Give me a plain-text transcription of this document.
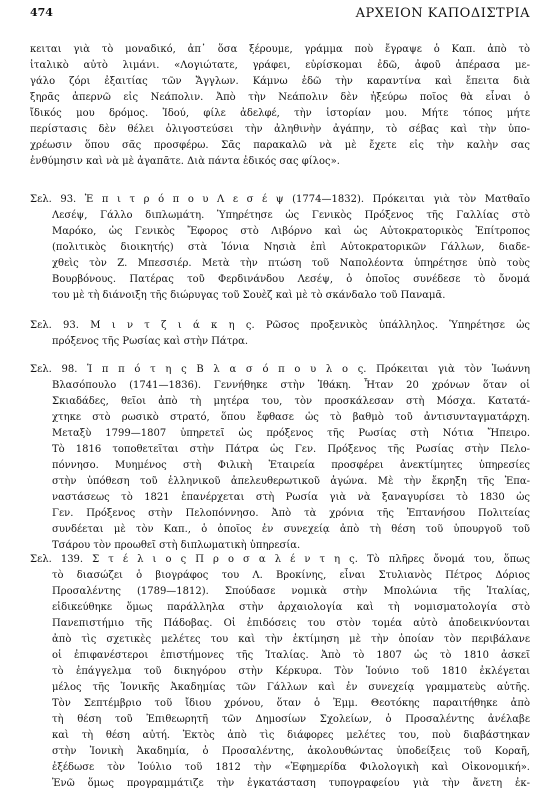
474	ΑΡΧΕΙΟΝ ΚΑΠΟΔΙΣΤΡΙΑ
κειται γιὰ τὸ μοναδικό, ἀπ᾿ ὅσα ξέρουμε, γράμμα ποὺ ἔγραψε ὁ Καπ. ἀπὸ τὸ
ἰταλικὸ αὐτὸ λιμάνι. «Λογιώτατε, γράφει, εὑρίσκομαι ἐδῶ, ἀφοῦ ἀπέρασα με-
γάλο ζόρι ἐξαιτίας τῶν Ἄγγλων. Κάμνω ἐδῶ τὴν καραντίνα καὶ ἔπειτα διὰ
ξηρᾶς ἀπερνῶ εἰς Νεάπολιν. Ἀπὸ τὴν Νεάπολιν δὲν ἠξεύρω ποῖος θὰ εἶναι ὁ
ἴδικός μου δρόμος. Ἰδού, φίλε ἀδελφέ, τὴν ἱστορίαν μου. Μήτε τόπος μήτε
περίστασις δὲν θέλει ὀλιγοστεύσει τὴν ἀληθινὴν ἀγάπην, τὸ σέβας καὶ τὴν ὑπο-
χρέωσιν ὅπου σᾶς προσφέρω. Σᾶς παρακαλῶ νὰ μὲ ἔχετε εἰς τὴν καλὴν σας
ἐνθύμησιν καὶ νὰ μὲ ἀγαπᾶτε. Διὰ πάντα ἐδικός σας φίλος».
Σελ. 93. Ἐ π ι τ ρ ό π ο υ Λ ε σ έ ψ (1774—1832). Πρόκειται γιὰ τὸν Ματθαῖο
Λεσέψ, Γάλλο διπλωμάτη. Ὑπηρέτησε ὡς Γενικὸς Πρόξενος τῆς Γαλλίας στὸ
Μαρόκο, ὡς Γενικὸς Ἔφορος στὸ Λιβόρνο καὶ ὡς Αὐτοκρατορικὸς Ἐπίτροπος
(πολιτικὸς διοικητής) στὰ Ἰόνια Νησιὰ ἐπὶ Αὐτοκρατορικῶν Γάλλων, διαδε-
χθεὶς τὸν Ζ. Μπεσσιέρ. Μετὰ τὴν πτώση τοῦ Ναπολέοντα ὑπηρέτησε ὑπὸ τοὺς
Βουρβόνους. Πατέρας τοῦ Φερδινάνδου Λεσέψ, ὁ ὁποῖος συνέδεσε τὸ ὄνομά
του μὲ τὴ διάνοιξη τῆς διώρυγας τοῦ Σουὲζ καὶ μὲ τὸ σκάνδαλο τοῦ Παναμᾶ.
Σελ. 93. Μ ι ν τ ζ ι ά κ η ς. Ρῶσος προξενικὸς ὑπάλληλος. Ὑπηρέτησε ὡς
πρόξενος τῆς Ρωσίας καὶ στὴν Πάτρα.
Σελ. 98. Ἱ π π ό τ η ς Β λ α σ ό π ο υ λ ο ς. Πρόκειται γιὰ τὸν Ἰωάννη
Βλασόπουλο (1741—1836). Γεννήθηκε στὴν Ἰθάκη. Ἦταν 20 χρόνων ὅταν οἱ
Σκιαδάδες, θεῖοι ἀπὸ τὴ μητέρα του, τὸν προσκάλεσαν στὴ Μόσχα. Κατατά-
χτηκε στὸ ρωσικὸ στρατό, ὅπου ἔφθασε ὡς τὸ βαθμὸ τοῦ ἀντισυνταγματάρχη.
Μεταξὺ 1799—1807 ὑπηρετεῖ ὡς πρόξενος τῆς Ρωσίας στὴ Νότια Ἤπειρο.
Τὸ 1816 τοποθετεῖται στὴν Πάτρα ὡς Γεν. Πρόξενος τῆς Ρωσίας στὴν Πελο-
πόννησο. Μυημένος στὴ Φιλικὴ Ἑταιρεία προσφέρει ἀνεκτίμητες ὑπηρεσίες
στὴν ὑπόθεση τοῦ ἑλληνικοῦ ἀπελευθερωτικοῦ ἀγώνα. Μὲ τὴν ἔκρηξη τῆς Ἐπα-
ναστάσεως τὸ 1821 ἐπανέρχεται στὴ Ρωσία γιὰ νὰ ξαναγυρίσει τὸ 1830 ὡς
Γεν. Πρόξενος στὴν Πελοπόννησο. Ἀπὸ τὰ χρόνια τῆς Ἑπτανήσου Πολιτείας
συνδέεται μὲ τὸν Καπ., ὁ ὁποῖος ἐν συνεχείᾳ ἀπὸ τὴ θέση τοῦ ὑπουργοῦ τοῦ
Τσάρου τὸν προωθεῖ στὴ διπλωματικὴ ὑπηρεσία.
Σελ. 139. Σ τ έ λ ι ο ς Π ρ ο σ α λ έ ν τ η ς. Τὸ πλῆρες ὄνομά του, ὅπως
τὸ διασώζει ὁ βιογράφος του Λ. Βροκίνης, εἶναι Στυλιανὸς Πέτρος Δόριος
Προσαλέντης (1789—1812). Σπούδασε νομικὰ στὴν Μπολώνια τῆς Ἰταλίας,
εἰδικεύθηκε ὅμως παράλληλα στὴν ἀρχαιολογία καὶ τὴ νομισματολογία στὸ
Πανεπιστήμιο τῆς Πάδοβας. Οἱ ἐπιδόσεις του στὸν τομέα αὐτὸ ἀποδεικνύονται
ἀπὸ τὶς σχετικὲς μελέτες του καὶ τὴν ἐκτίμηση μὲ τὴν ὁποίαν τὸν περιβάλανε
οἱ ἐπιφανέστεροι ἐπιστήμονες τῆς Ἰταλίας. Ἀπὸ τὸ 1807 ὡς τὸ 1810 ἀσκεῖ
τὸ ἐπάγγελμα τοῦ δικηγόρου στὴν Κέρκυρα. Τὸν Ἰούνιο τοῦ 1810 ἐκλέγεται
μέλος τῆς Ἰονικῆς Ἀκαδημίας τῶν Γάλλων καὶ ἐν συνεχείᾳ γραμματεὺς αὐτῆς.
Τὸν Σεπτέμβριο τοῦ ἴδιου χρόνου, ὅταν ὁ Ἐμμ. Θεοτόκης παραιτήθηκε ἀπὸ
τὴ θέση τοῦ Ἐπιθεωρητῆ τῶν Δημοσίων Σχολείων, ὁ Προσαλέντης ἀνέλαβε
καὶ τὴ θέση αὐτή. Ἐκτὸς ἀπὸ τὶς διάφορες μελέτες του, ποὺ διαβάστηκαν
στὴν Ἰονικὴ Ἀκαδημία, ὁ Προσαλέντης, ἀκολουθώντας ὑποδείξεις τοῦ Κοραῆ,
ἐξέδωσε τὸν Ἰούλιο τοῦ 1812 τὴν «Ἐφημερίδα Φιλολογικὴ καὶ Οἰκονομική».
Ἐνῶ ὅμως προγραμμάτιζε τὴν ἐγκατάσταση τυπογραφείου γιὰ τὴν ἄνετη ἐκ-
